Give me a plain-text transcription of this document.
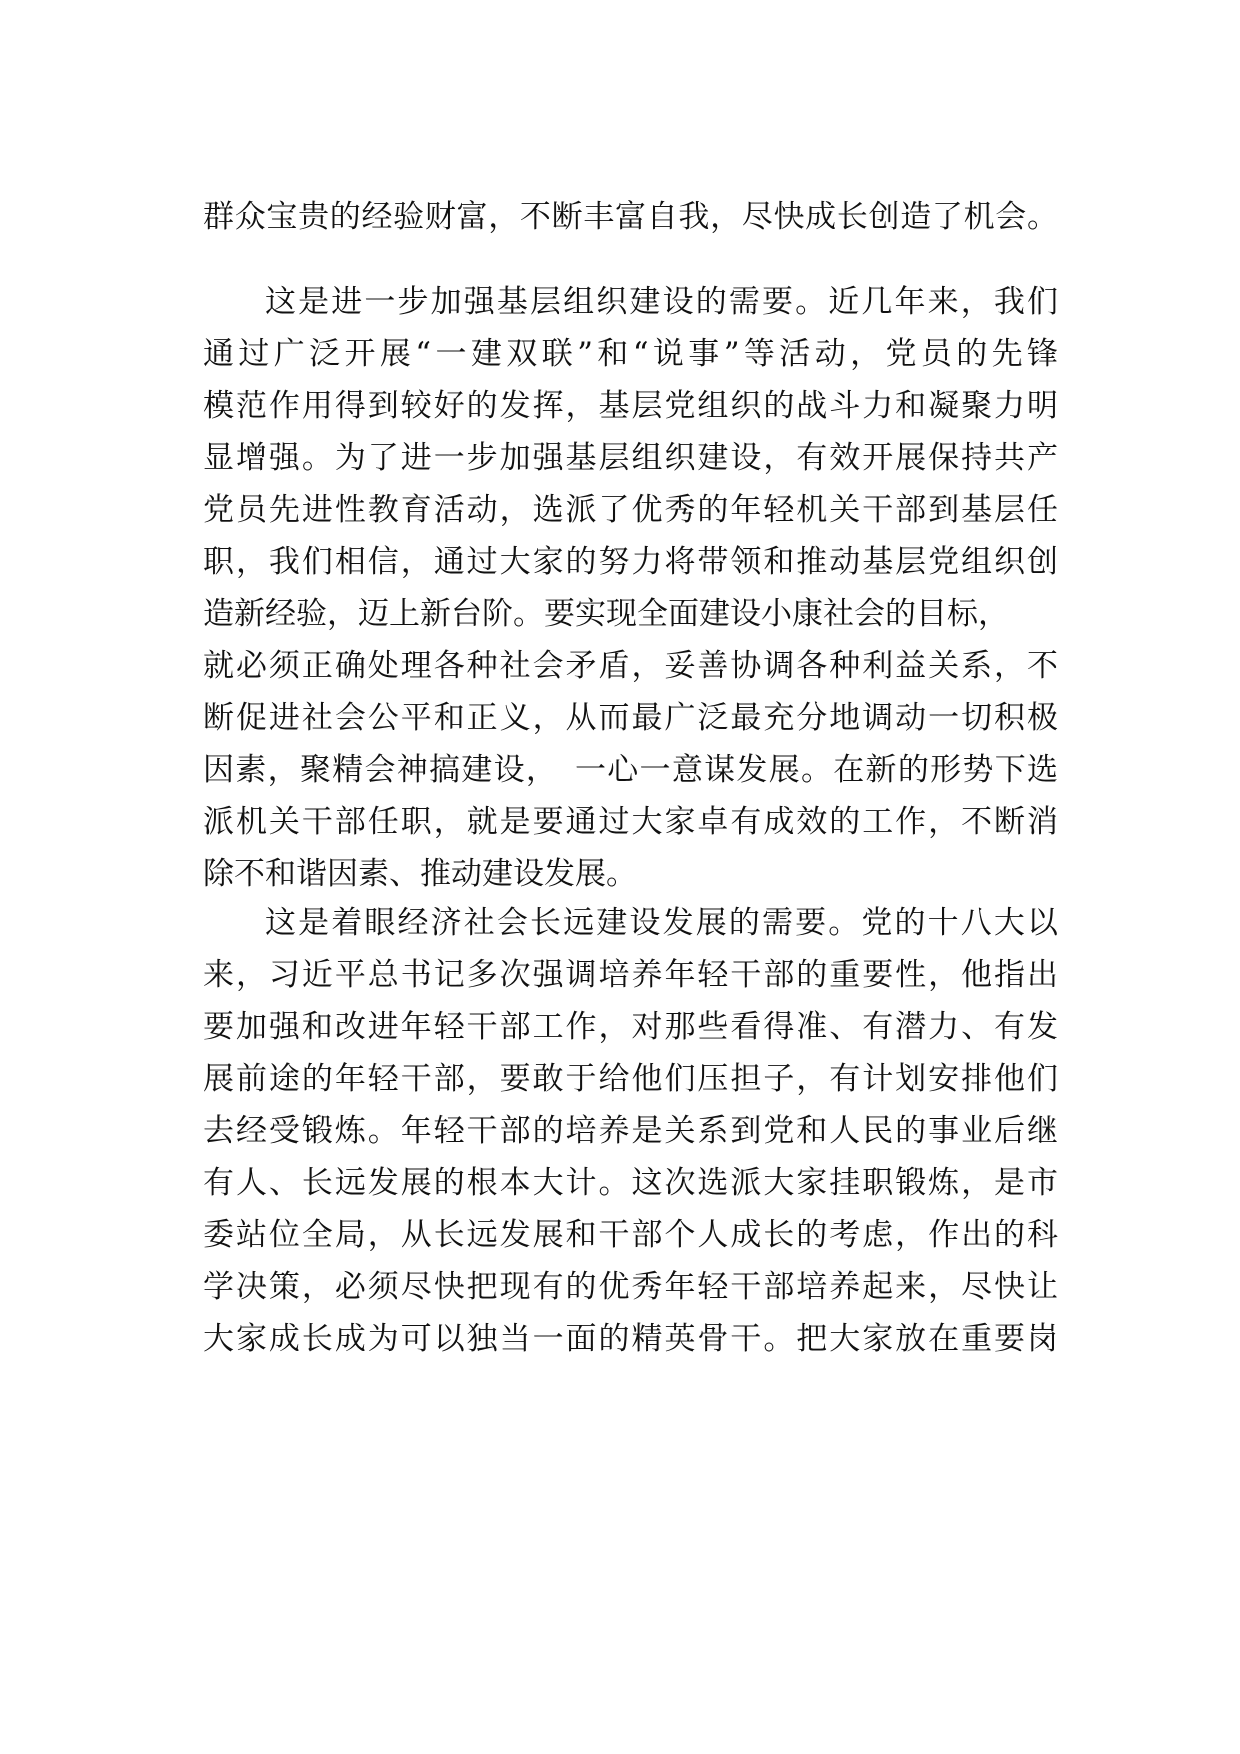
群众宝贵的经验财富，不断丰富自我，尽快成长创造了机会。
这是进一步加强基层组织建设的需要。近几年来，我们
通过广泛开展“一建双联”和“说事”等活动，党员的先锋
模范作用得到较好的发挥，基层党组织的战斗力和凝聚力明
显增强。为了进一步加强基层组织建设，有效开展保持共产
党员先进性教育活动，选派了优秀的年轻机关干部到基层任
职，我们相信，通过大家的努力将带领和推动基层党组织创
造新经验，迈上新台阶。要实现全面建设小康社会的目标，
就必须正确处理各种社会矛盾，妥善协调各种利益关系，不
断促进社会公平和正义，从而最广泛最充分地调动一切积极
因素，聚精会神搞建设，　一心一意谋发展。在新的形势下选
派机关干部任职，就是要通过大家卓有成效的工作，不断消
除不和谐因素、推动建设发展。
这是着眼经济社会长远建设发展的需要。党的十八大以
来，习近平总书记多次强调培养年轻干部的重要性，他指出
要加强和改进年轻干部工作，对那些看得准、有潜力、有发
展前途的年轻干部，要敢于给他们压担子，有计划安排他们
去经受锻炼。年轻干部的培养是关系到党和人民的事业后继
有人、长远发展的根本大计。这次选派大家挂职锻炼，是市
委站位全局，从长远发展和干部个人成长的考虑，作出的科
学决策，必须尽快把现有的优秀年轻干部培养起来，尽快让
大家成长成为可以独当一面的精英骨干。把大家放在重要岗
